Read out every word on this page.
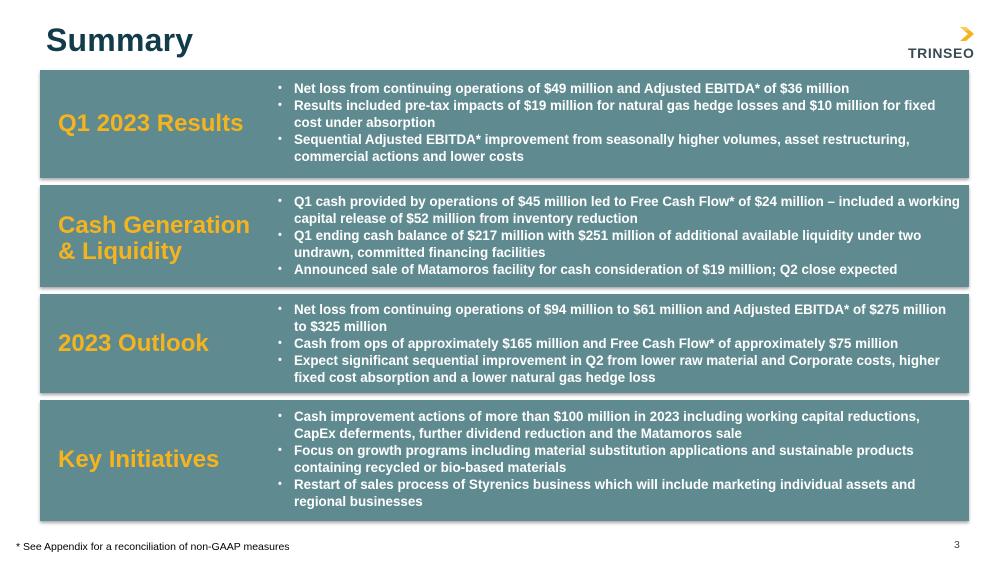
Summary	TRINSEO
Q1 2023 Results
• Net loss from continuing operations of $49 million and Adjusted EBITDA* of $36 million
• Results included pre-tax impacts of $19 million for natural gas hedge losses and $10 million for fixed cost under absorption
• Sequential Adjusted EBITDA* improvement from seasonally higher volumes, asset restructuring, commercial actions and lower costs
Cash Generation
& Liquidity
• Q1 cash provided by operations of $45 million led to Free Cash Flow* of $24 million – included a working capital release of $52 million from inventory reduction
• Q1 ending cash balance of $217 million with $251 million of additional available liquidity under two undrawn, committed financing facilities
• Announced sale of Matamoros facility for cash consideration of $19 million; Q2 close expected
2023 Outlook
• Net loss from continuing operations of $94 million to $61 million and Adjusted EBITDA* of $275 million to $325 million
• Cash from ops of approximately $165 million and Free Cash Flow* of approximately $75 million
• Expect significant sequential improvement in Q2 from lower raw material and Corporate costs, higher fixed cost absorption and a lower natural gas hedge loss
Key Initiatives
• Cash improvement actions of more than $100 million in 2023 including working capital reductions, CapEx deferments, further dividend reduction and the Matamoros sale
• Focus on growth programs including material substitution applications and sustainable products containing recycled or bio-based materials
• Restart of sales process of Styrenics business which will include marketing individual assets and regional businesses
* See Appendix for a reconciliation of non-GAAP measures	3
